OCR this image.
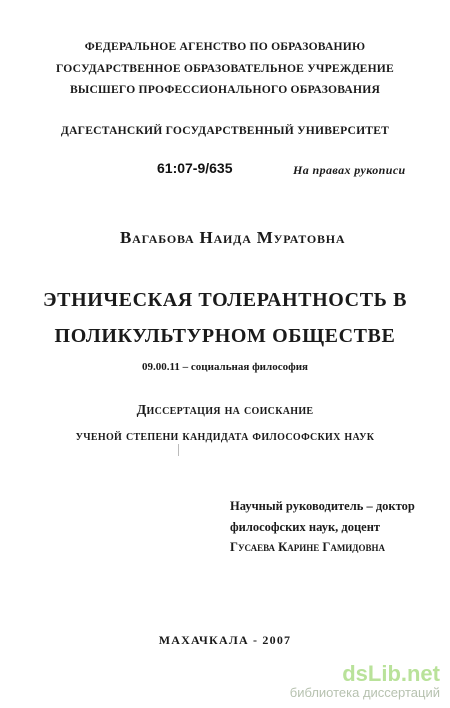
ФЕДЕРАЛЬНОЕ АГЕНСТВО ПО ОБРАЗОВАНИЮ
ГОСУДАРСТВЕННОЕ ОБРАЗОВАТЕЛЬНОЕ УЧРЕЖДЕНИЕ
ВЫСШЕГО ПРОФЕССИОНАЛЬНОГО ОБРАЗОВАНИЯ
ДАГЕСТАНСКИЙ ГОСУДАРСТВЕННЫЙ УНИВЕРСИТЕТ
61:07-9/635	На правах рукописи
Вагабова Наида Муратовна
ЭТНИЧЕСКАЯ ТОЛЕРАНТНОСТЬ В
ПОЛИКУЛЬТУРНОМ ОБЩЕСТВЕ
09.00.11 – социальная философия
Диссертация на соискание
ученой степени кандидата философских наук
Научный руководитель – доктор
философских наук, доцент
Гусаева Карине Гамидовна
МАХАЧКАЛА - 2007
dsLib.net
библиотека диссертаций
